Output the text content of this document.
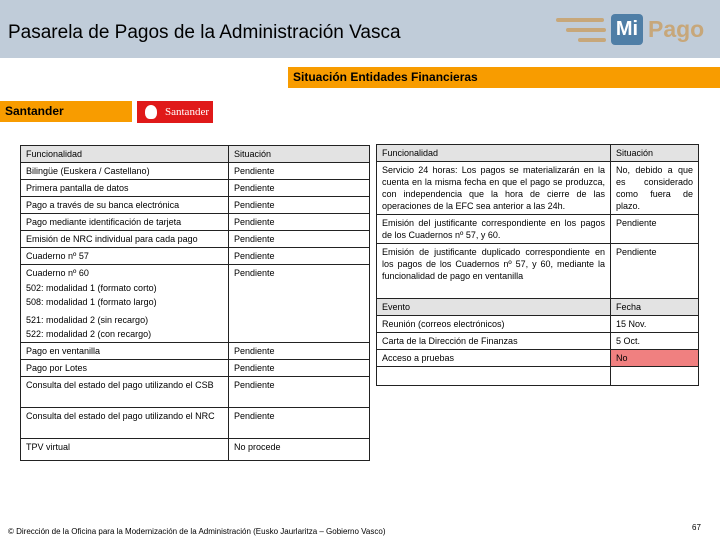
Pasarela de Pagos de la Administración Vasca	Mi Pago
Situación Entidades Financieras
Santander	Santander
Funcionalidad	Situación
Bilingüe (Euskera / Castellano)	Pendiente
Primera pantalla de datos	Pendiente
Pago a través de su banca electrónica	Pendiente
Pago mediante identificación de tarjeta	Pendiente
Emisión de NRC individual para cada pago	Pendiente
Cuaderno nº 57	Pendiente

Cuaderno nº 60
502: modalidad 1 (formato corto)
508: modalidad 1 (formato largo)
521: modalidad 2 (sin recargo)
522: modalidad 2 (con recargo)	Pendiente
Pago en ventanilla	Pendiente
Pago por Lotes	Pendiente
Consulta del estado del pago utilizando el CSB	Pendiente
Consulta del estado del pago utilizando el NRC	Pendiente
TPV virtual	No procede
Funcionalidad	Situación
Servicio 24 horas: Los pagos se materializarán en la cuenta en la misma fecha en que el pago se produzca, con independencia que la hora de cierre de las operaciones de la EFC sea anterior a las 24h.	No, debido a que es considerado como fuera de plazo.
Emisión del justificante correspondiente en los pagos de los Cuadernos nº 57, y 60.	Pendiente
Emisión de justificante duplicado correspondiente en los pagos de los Cuadernos nº 57, y 60, mediante la funcionalidad de pago en ventanilla	Pendiente
Evento	Fecha
Reunión (correos electrónicos)	15 Nov.
Carta de la Dirección de Finanzas	5 Oct.
Acceso a pruebas	No

© Dirección de la Oficina para la Modernización de la Administración (Eusko Jaurlaritza – Gobierno Vasco)	67
